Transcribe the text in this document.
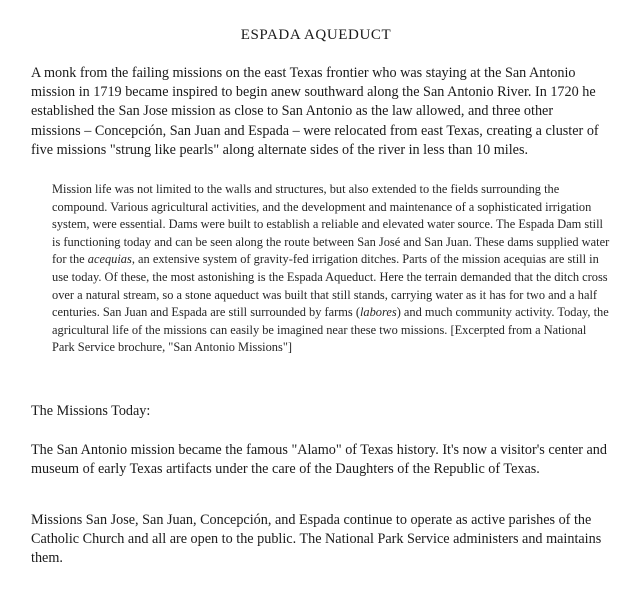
ESPADA AQUEDUCT

A monk from the failing missions on the east Texas frontier who was staying at the San Antonio mission in 1719 became inspired to begin anew southward along the San Antonio River. In 1720 he established the San Jose mission as close to San Antonio as the law allowed, and three other missions – Concepción, San Juan and Espada – were relocated from east Texas, creating a cluster of five missions "strung like pearls" along alternate sides of the river in less than 10 miles.

Mission life was not limited to the walls and structures, but also extended to the fields surrounding the compound. Various agricultural activities, and the development and maintenance of a sophisticated irrigation system, were essential. Dams were built to establish a reliable and elevated water source. The Espada Dam still is functioning today and can be seen along the route between San José and San Juan. These dams supplied water for the acequias, an extensive system of gravity-fed irrigation ditches. Parts of the mission acequias are still in use today. Of these, the most astonishing is the Espada Aqueduct. Here the terrain demanded that the ditch cross over a natural stream, so a stone aqueduct was built that still stands, carrying water as it has for two and a half centuries. San Juan and Espada are still surrounded by farms (labores) and much community activity. Today, the agricultural life of the missions can easily be imagined near these two missions. [Excerpted from a National Park Service brochure, "San Antonio Missions"]

The Missions Today:

The San Antonio mission became the famous "Alamo" of Texas history. It's now a visitor's center and museum of early Texas artifacts under the care of the Daughters of the Republic of Texas.

Missions San Jose, San Juan, Concepción, and Espada continue to operate as active parishes of the Catholic Church and all are open to the public. The National Park Service administers and maintains them.
